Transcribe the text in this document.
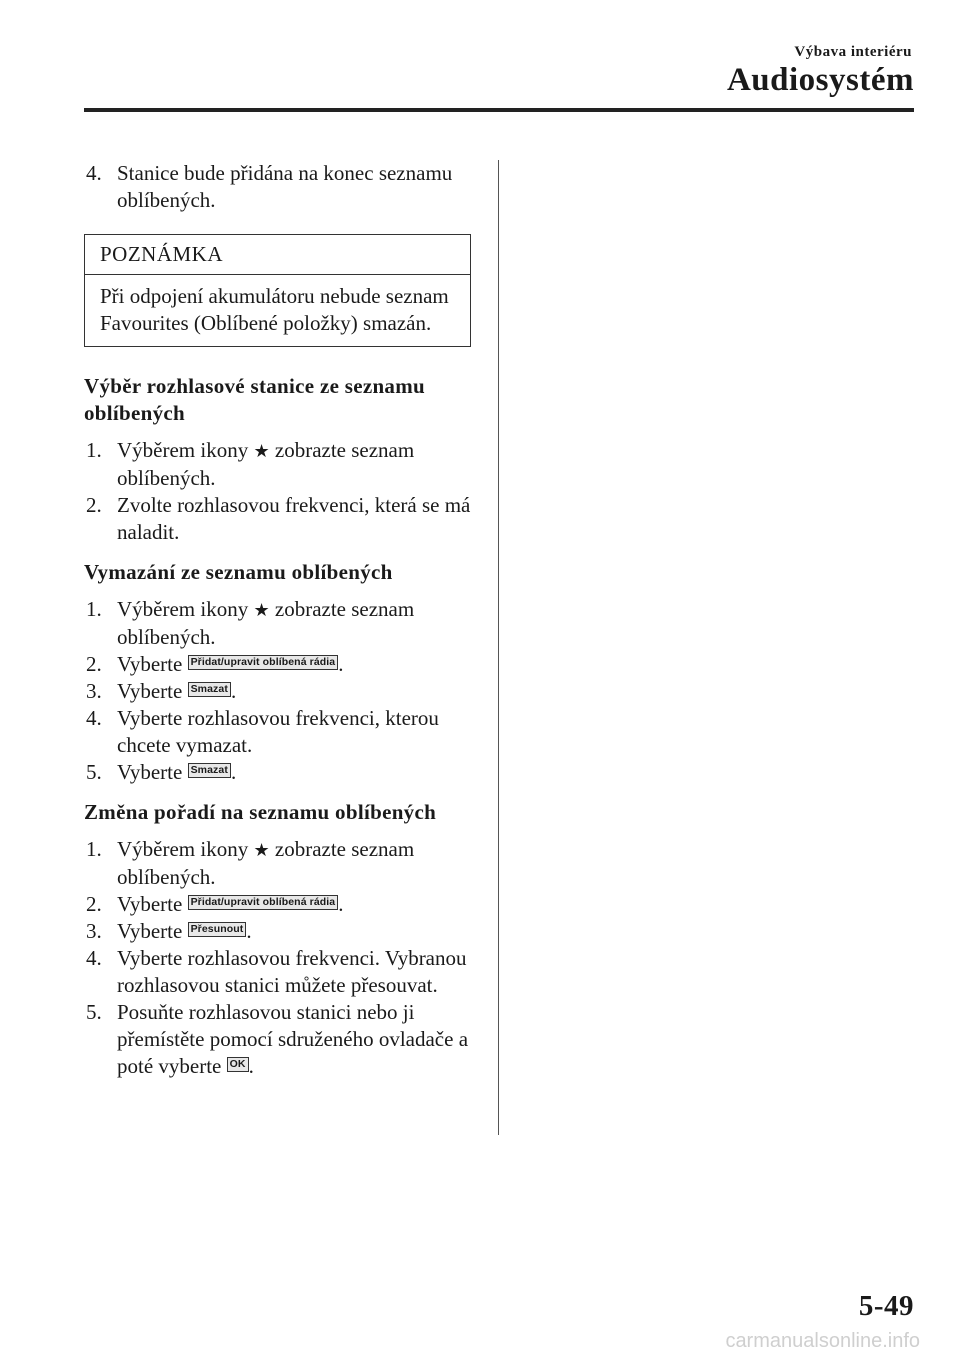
Výbava interiéru
Audiosystém
4. Stanice bude přidána na konec seznamu oblíbených.
POZNÁMKA
Při odpojení akumulátoru nebude seznam Favourites (Oblíbené položky) smazán.
Výběr rozhlasové stanice ze seznamu oblíbených
1. Výběrem ikony ★ zobrazte seznam oblíbených.
2. Zvolte rozhlasovou frekvenci, která se má naladit.
Vymazání ze seznamu oblíbených
1. Výběrem ikony ★ zobrazte seznam oblíbených.
2. Vyberte Přidat/upravit oblíbená rádia .
3. Vyberte Smazat .
4. Vyberte rozhlasovou frekvenci, kterou chcete vymazat.
5. Vyberte Smazat .
Změna pořadí na seznamu oblíbených
1. Výběrem ikony ★ zobrazte seznam oblíbených.
2. Vyberte Přidat/upravit oblíbená rádia .
3. Vyberte Přesunout .
4. Vyberte rozhlasovou frekvenci. Vybranou rozhlasovou stanici můžete přesouvat.
5. Posuňte rozhlasovou stanici nebo ji přemístěte pomocí sdruženého ovladače a poté vyberte OK .
5-49
carmanualsonline.info
